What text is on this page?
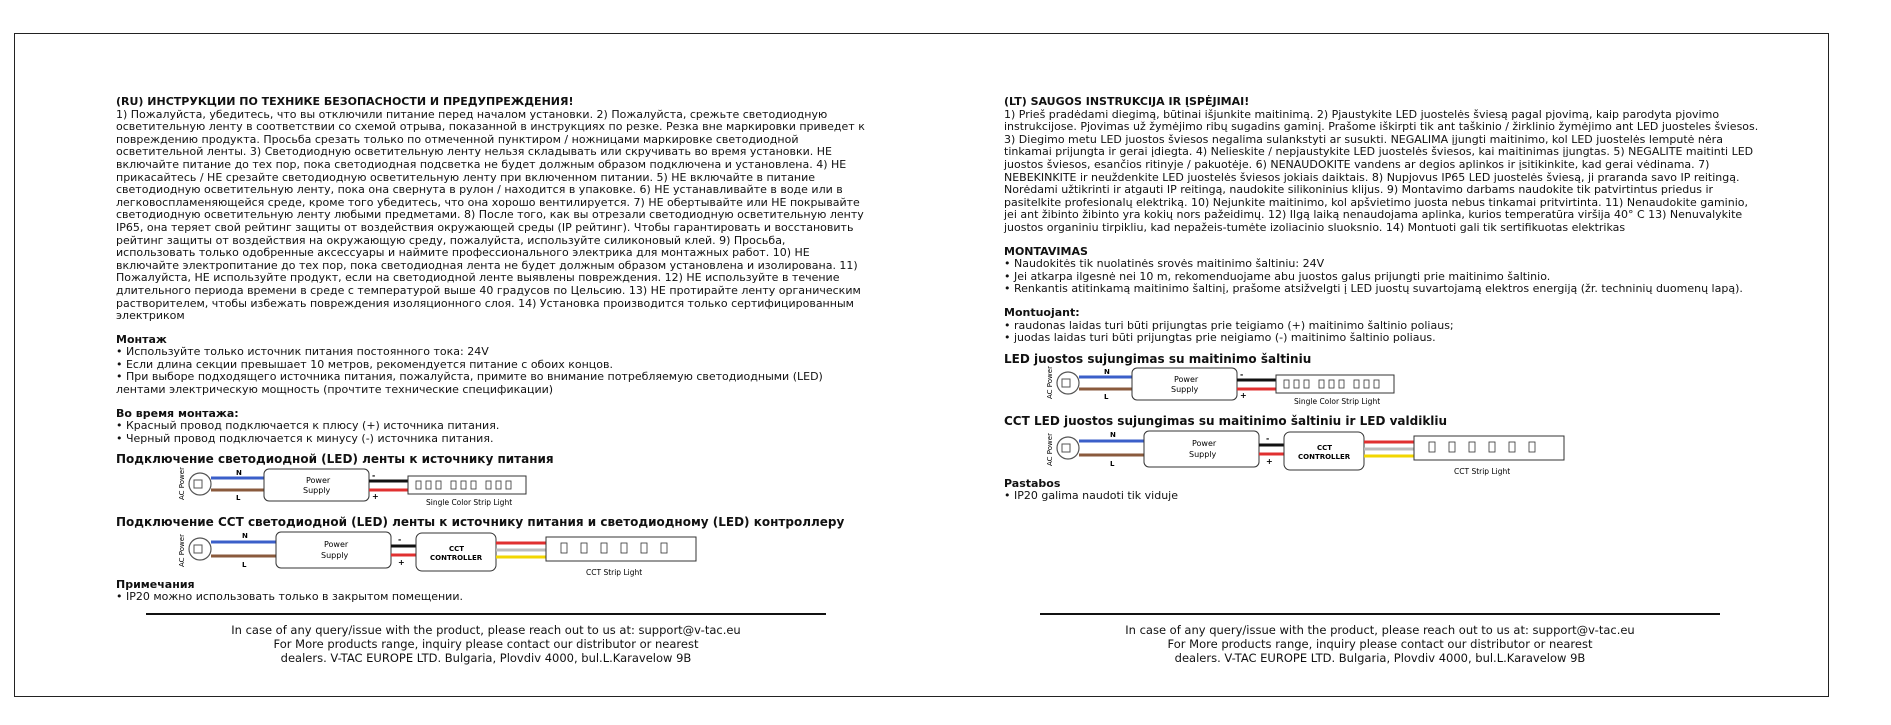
(RU) ИНСТРУКЦИИ ПО ТЕХНИКЕ БЕЗОПАСНОСТИ И ПРЕДУПРЕЖДЕНИЯ!

1) Пожалуйста, убедитесь, что вы отключили питание перед началом установки. 2) Пожалуйста, срежьте светодиодную осветительную ленту в соответствии со схемой отрыва, показанной в инструкциях по резке. Резка вне маркировки приведет к повреждению продукта. Просьба срезать только по отмеченной пунктиром / ножницами маркировке светодиодной осветительной ленты. 3) Светодиодную осветительную ленту нельзя складывать или скручивать во время установки. НЕ включайте питание до тех пор, пока светодиодная подсветка не будет должным образом подключена и установлена. 4) НЕ прикасайтесь / НЕ срезайте светодиодную осветительную ленту при включенном питании. 5) НЕ включайте в питание светодиодную осветительную ленту, пока она свернута в рулон / находится в упаковке. 6) НЕ устанавливайте в воде или в легковоспламеняющейся среде, кроме того убедитесь, что она хорошо вентилируется. 7) НЕ обертывайте или НЕ покрывайте светодиодную осветительную ленту любыми предметами. 8) После того, как вы отрезали светодиодную осветительную ленту IP65, она теряет свой рейтинг защиты от воздействия окружающей среды (IP рейтинг). Чтобы гарантировать и восстановить рейтинг защиты от воздействия на окружающую среду, пожалуйста, используйте силиконовый клей. 9) Просьба, использовать только одобренные аксессуары и наймите профессионального электрика для монтажных работ. 10) НЕ включайте электропитание до тех пор, пока светодиодная лента не будет должным образом установлена и изолирована. 11) Пожалуйста, НЕ используйте продукт, если на светодиодной ленте выявлены повреждения. 12) НЕ используйте в течение длительного периода времени в среде с температурой выше 40 градусов по Цельсию. 13) НЕ протирайте ленту органическим растворителем, чтобы избежать повреждения изоляционного слоя. 14) Установка производится только сертифицированным электриком

Монтаж

• Используйте только источник питания постоянного тока: 24V

• Если длина секции превышает 10 метров, рекомендуется питание с обоих концов.

• При выборе подходящего источника питания, пожалуйста, примите во внимание потребляемую светодиодными (LED) лентами электрическую мощность (прочтите технические спецификации)

Во время монтажа:

• Красный провод подключается к плюсу (+) источника питания.

• Черный провод подключается к минусу (-) источника питания.

Подключение светодиодной (LED) ленты к источнику питания
AC Power	N
L
Power
Supply
-
+
Single Color Strip Light
Подключение CCT светодиодной (LED) ленты к источнику питания и светодиодному (LED) контроллеру
AC Power	N
L
Power
Supply
-
+
CCT
CONTROLLER
CCT Strip Light

Примечания

• IP20 можно использовать только в закрытом помещении.

(LT) SAUGOS INSTRUKCIJA IR ĮSPĖJIMAI!

1) Prieš pradėdami diegimą, būtinai išjunkite maitinimą. 2) Pjaustykite LED juostelės šviesą pagal pjovimą, kaip parodyta pjovimo instrukcijose. Pjovimas už žymėjimo ribų sugadins gaminį. Prašome iškirpti tik ant taškinio / žirklinio žymėjimo ant LED juosteles šviesos. 3) Diegimo metu LED juostos šviesos negalima sulankstyti ar susukti. NEGALIMA įjungti maitinimo, kol LED juostelės lemputė nėra tinkamai prijungta ir gerai įdiegta. 4) Nelieskite / nepjaustykite LED juostelės šviesos, kai maitinimas įjungtas. 5) NEGALITE maitinti LED juostos šviesos, esančios ritinyje / pakuotėje. 6) NENAUDOKITE vandens ar degios aplinkos ir įsitikinkite, kad gerai vėdinama. 7) NEBEKINKITE ir neuždenkite LED juostelės šviesos jokiais daiktais. 8) Nupjovus IP65 LED juostelės šviesą, ji praranda savo IP reitingą. Norėdami užtikrinti ir atgauti IP reitingą, naudokite silikoninius klijus. 9) Montavimo darbams naudokite tik patvirtintus priedus ir pasitelkite profesionalų elektriką. 10) Nejunkite maitinimo, kol apšvietimo juosta nebus tinkamai pritvirtinta. 11) Nenaudokite gaminio, jei ant žibinto žibinto yra kokių nors pažeidimų. 12) Ilgą laiką nenaudojama aplinka, kurios temperatūra viršija 40° C 13) Nenuvalykite juostos organiniu tirpikliu, kad nepažeis-tumėte izoliacinio sluoksnio. 14) Montuoti gali tik sertifikuotas elektrikas

MONTAVIMAS

• Naudokitės tik nuolatinės srovės maitinimo šaltiniu: 24V

• Jei atkarpa ilgesnė nei 10 m, rekomenduojame abu juostos galus prijungti prie maitinimo šaltinio.

• Renkantis atitinkamą maitinimo šaltinį, prašome atsižvelgti į LED juostų suvartojamą elektros energiją (žr. techninių duomenų lapą).

Montuojant:

• raudonas laidas turi būti prijungtas prie teigiamo (+) maitinimo šaltinio poliaus;

• juodas laidas turi būti prijungtas prie neigiamo (-) maitinimo šaltinio poliaus.

LED juostos sujungimas su maitinimo šaltiniu
AC Power	N
L
Power
Supply
-
+
Single Color Strip Light
CCT LED juostos sujungimas su maitinimo šaltiniu ir LED valdikliu
AC Power	N
L
Power
Supply
-
+
CCT
CONTROLLER
CCT Strip Light

Pastabos

• IP20 galima naudoti tik viduje

In case of any query/issue with the product, please reach out to us at: support@v-tac.eu
For More products range, inquiry please contact our distributor or nearest
dealers. V-TAC EUROPE LTD. Bulgaria, Plovdiv 4000, bul.L.Karavelow 9B
In case of any query/issue with the product, please reach out to us at: support@v-tac.eu
For More products range, inquiry please contact our distributor or nearest
dealers. V-TAC EUROPE LTD. Bulgaria, Plovdiv 4000, bul.L.Karavelow 9B
